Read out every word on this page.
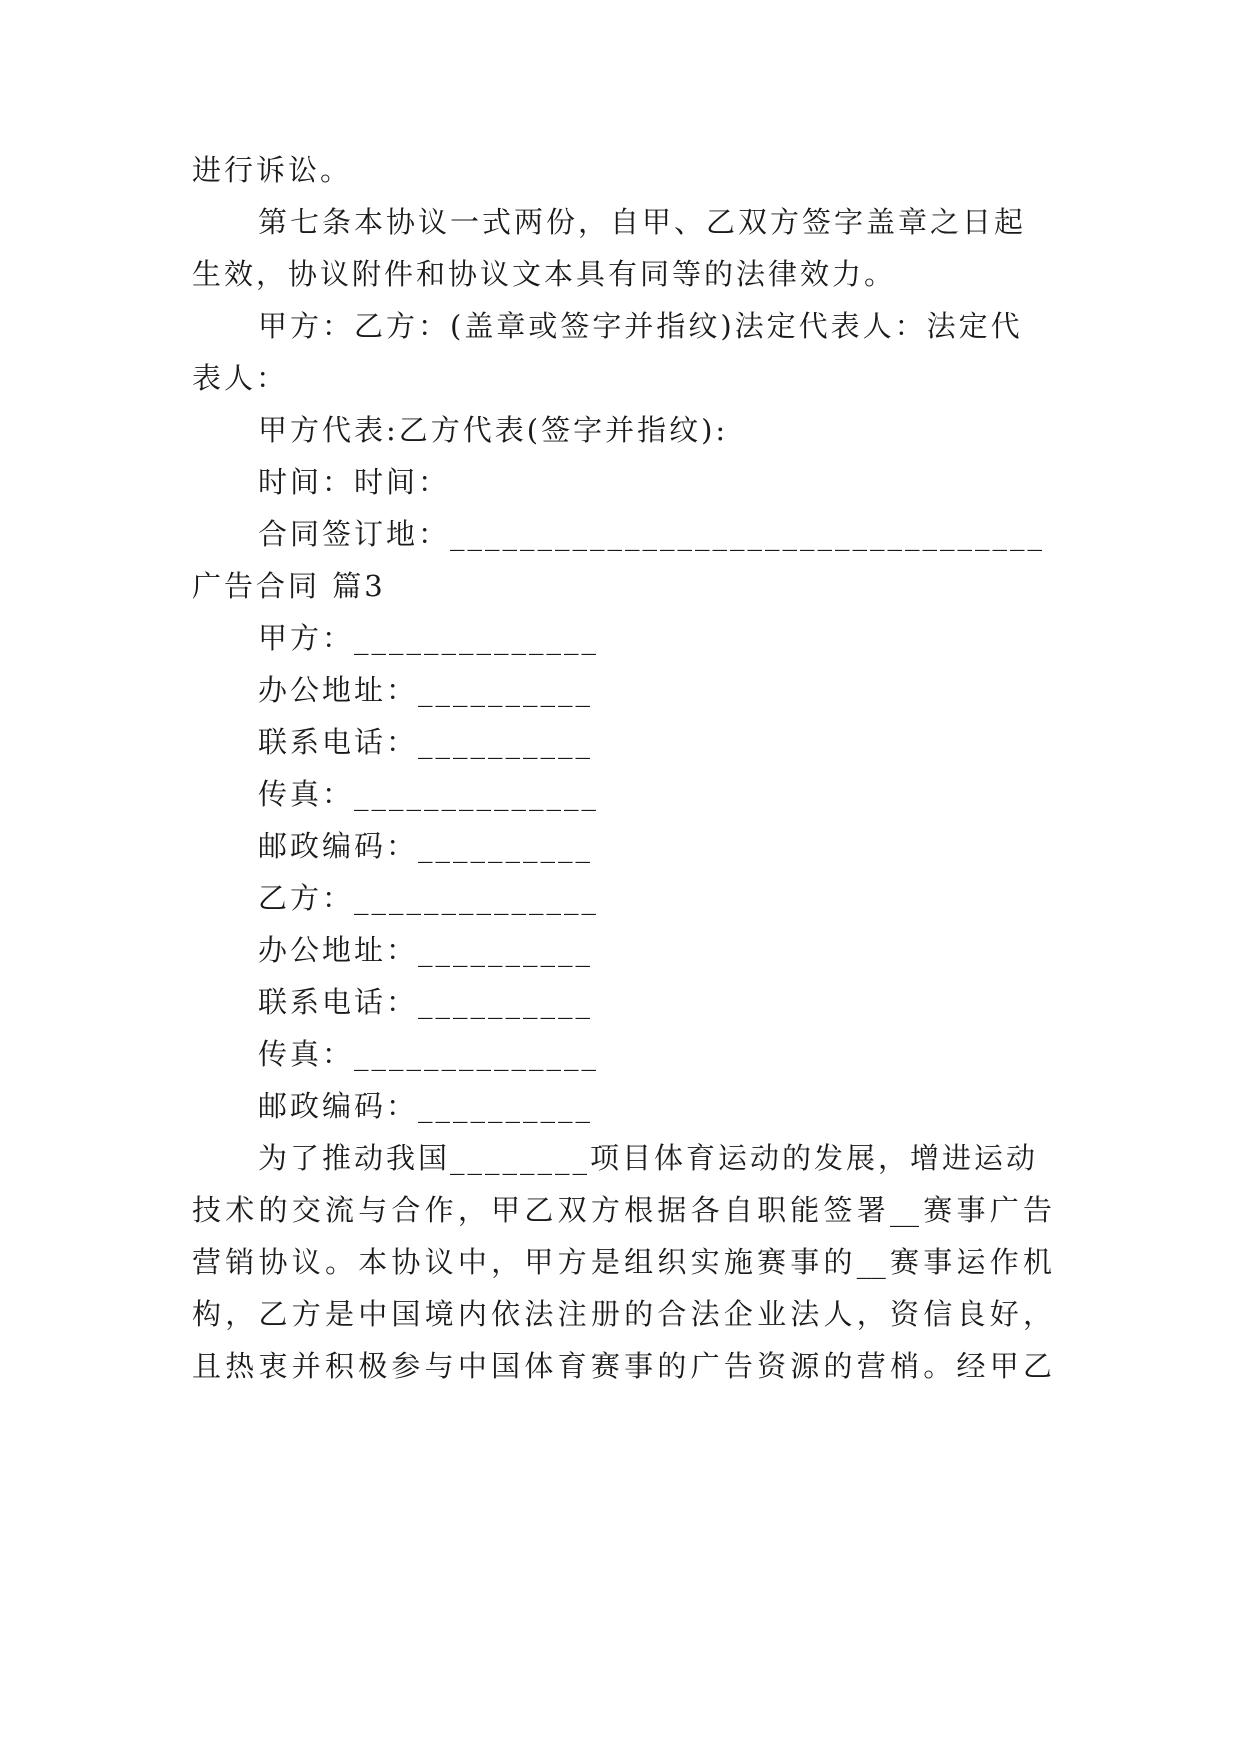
进行诉讼。
第七条本协议一式两份，自甲、乙双方签字盖章之日起
生效，协议附件和协议文本具有同等的法律效力。
甲方：乙方：(盖章或签字并指纹)法定代表人：法定代
表人：
甲方代表:乙方代表(签字并指纹):
时间：时间：
合同签订地：__________________________________
广告合同 篇3
甲方：______________
办公地址：__________
联系电话：__________
传真：______________
邮政编码：__________
乙方：______________
办公地址：__________
联系电话：__________
传真：______________
邮政编码：__________
为了推动我国________项目体育运动的发展，增进运动
技术的交流与合作，甲乙双方根据各自职能签署__赛事广告
营销协议。本协议中，甲方是组织实施赛事的__赛事运作机
构，乙方是中国境内依法注册的合法企业法人，资信良好，
且热衷并积极参与中国体育赛事的广告资源的营梢。经甲乙
